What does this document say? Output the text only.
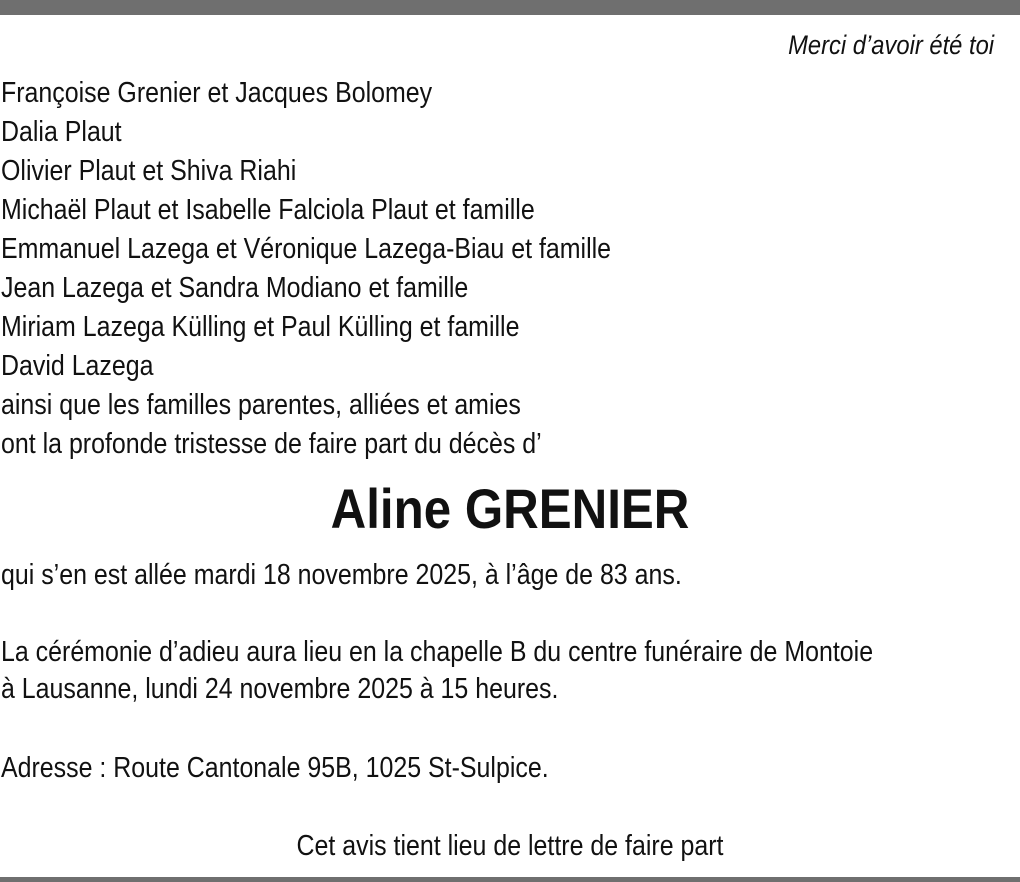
Merci d’avoir été toi
Françoise Grenier et Jacques Bolomey
Dalia Plaut
Olivier Plaut et Shiva Riahi
Michaël Plaut et Isabelle Falciola Plaut et famille
Emmanuel Lazega et Véronique Lazega-Biau et famille
Jean Lazega et Sandra Modiano et famille
Miriam Lazega Külling et Paul Külling et famille
David Lazega
ainsi que les familles parentes, alliées et amies
ont la profonde tristesse de faire part du décès d’
Aline GRENIER
qui s’en est allée mardi 18 novembre 2025, à l’âge de 83 ans.
La cérémonie d’adieu aura lieu en la chapelle B du centre funéraire de Montoie
à Lausanne, lundi 24 novembre 2025 à 15 heures.
Adresse : Route Cantonale 95B, 1025 St-Sulpice.
Cet avis tient lieu de lettre de faire part
